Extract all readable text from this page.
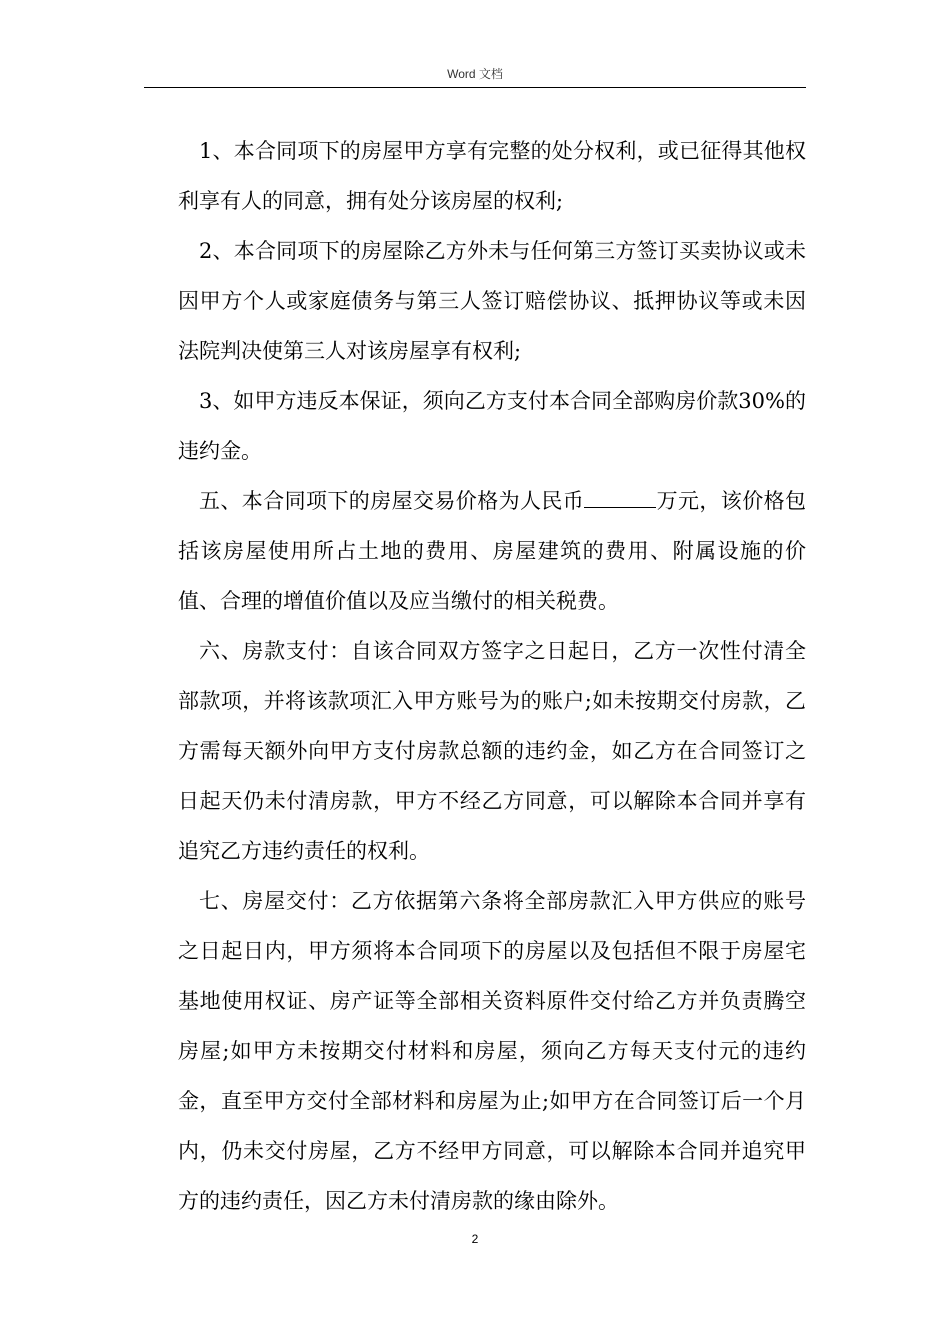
Word 文档

1、本合同项下的房屋甲方享有完整的处分权利，或已征得其他权利享有人的同意，拥有处分该房屋的权利;

2、本合同项下的房屋除乙方外未与任何第三方签订买卖协议或未因甲方个人或家庭债务与第三人签订赔偿协议、抵押协议等或未因法院判决使第三人对该房屋享有权利;

3、如甲方违反本保证，须向乙方支付本合同全部购房价款30%的违约金。

五、本合同项下的房屋交易价格为人民币	万元，该价格包括该房屋使用所占土地的费用、房屋建筑的费用、附属设施的价值、合理的增值价值以及应当缴付的相关税费。

六、房款支付：自该合同双方签字之日起日，乙方一次性付清全部款项，并将该款项汇入甲方账号为的账户;如未按期交付房款，乙方需每天额外向甲方支付房款总额的违约金，如乙方在合同签订之日起天仍未付清房款，甲方不经乙方同意，可以解除本合同并享有追究乙方违约责任的权利。

七、房屋交付：乙方依据第六条将全部房款汇入甲方供应的账号之日起日内，甲方须将本合同项下的房屋以及包括但不限于房屋宅基地使用权证、房产证等全部相关资料原件交付给乙方并负责腾空房屋;如甲方未按期交付材料和房屋，须向乙方每天支付元的违约金，直至甲方交付全部材料和房屋为止;如甲方在合同签订后一个月内，仍未交付房屋，乙方不经甲方同意，可以解除本合同并追究甲方的违约责任，因乙方未付清房款的缘由除外。

2
